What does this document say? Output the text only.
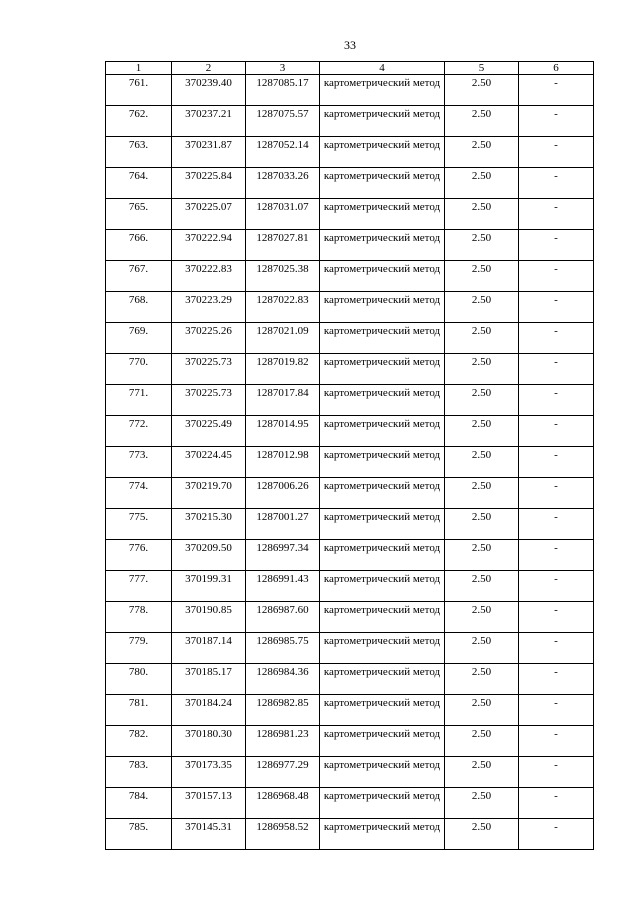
33
1	2	3	4	5	6
761.	370239.40	1287085.17	картометрический метод	2.50	-
762.	370237.21	1287075.57	картометрический метод	2.50	-
763.	370231.87	1287052.14	картометрический метод	2.50	-
764.	370225.84	1287033.26	картометрический метод	2.50	-
765.	370225.07	1287031.07	картометрический метод	2.50	-
766.	370222.94	1287027.81	картометрический метод	2.50	-
767.	370222.83	1287025.38	картометрический метод	2.50	-
768.	370223.29	1287022.83	картометрический метод	2.50	-
769.	370225.26	1287021.09	картометрический метод	2.50	-
770.	370225.73	1287019.82	картометрический метод	2.50	-
771.	370225.73	1287017.84	картометрический метод	2.50	-
772.	370225.49	1287014.95	картометрический метод	2.50	-
773.	370224.45	1287012.98	картометрический метод	2.50	-
774.	370219.70	1287006.26	картометрический метод	2.50	-
775.	370215.30	1287001.27	картометрический метод	2.50	-
776.	370209.50	1286997.34	картометрический метод	2.50	-
777.	370199.31	1286991.43	картометрический метод	2.50	-
778.	370190.85	1286987.60	картометрический метод	2.50	-
779.	370187.14	1286985.75	картометрический метод	2.50	-
780.	370185.17	1286984.36	картометрический метод	2.50	-
781.	370184.24	1286982.85	картометрический метод	2.50	-
782.	370180.30	1286981.23	картометрический метод	2.50	-
783.	370173.35	1286977.29	картометрический метод	2.50	-
784.	370157.13	1286968.48	картометрический метод	2.50	-
785.	370145.31	1286958.52	картометрический метод	2.50	-
